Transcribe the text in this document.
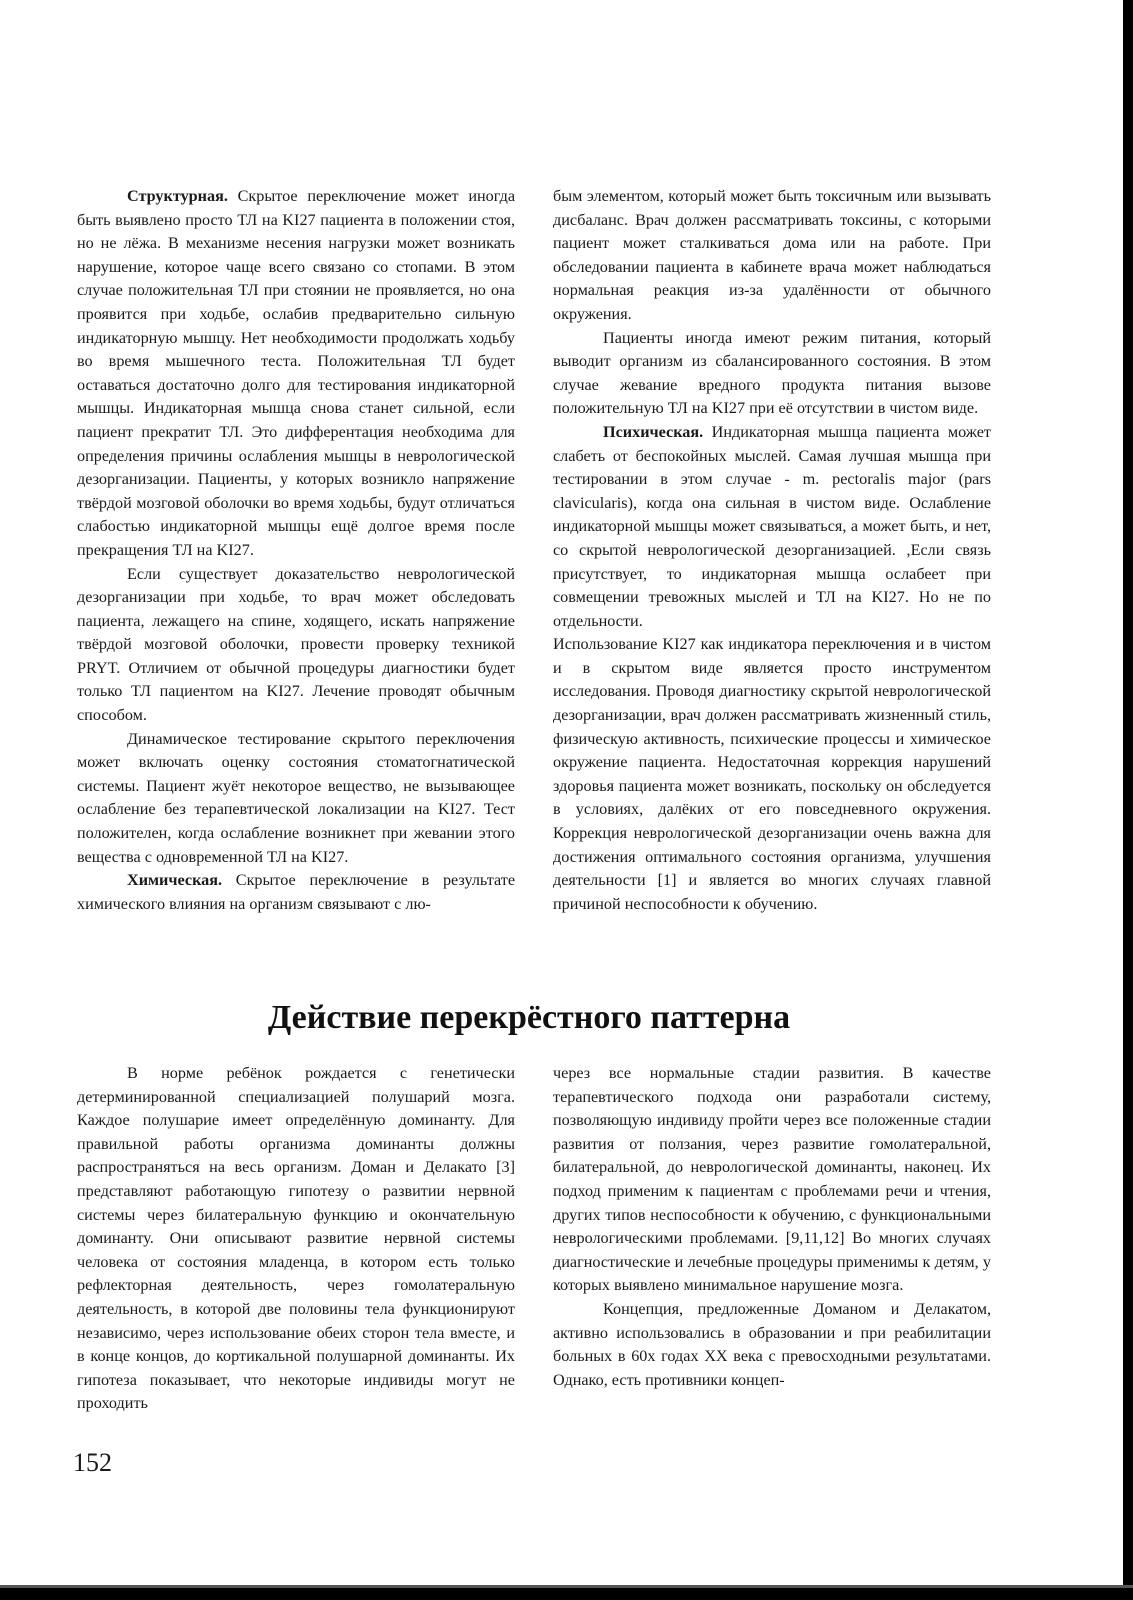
Структурная. Скрытое переключение может иногда быть выявлено просто ТЛ на KI27 пациента в положении стоя, но не лёжа. В механизме несения нагрузки может возникать нарушение, которое чаще всего связано со стопами. В этом случае положительная ТЛ при стоянии не проявляется, но она проявится при ходьбе, ослабив предварительно сильную индикаторную мышцу. Нет необходимости продолжать ходьбу во время мышечного теста. Положительная ТЛ будет оставаться достаточно долго для тестирования индикаторной мышцы. Индикаторная мышца снова станет сильной, если пациент прекратит ТЛ. Это дифферентация необходима для определения причины ослабления мышцы в неврологической дезорганизации. Пациенты, у которых возникло напряжение твёрдой мозговой оболочки во время ходьбы, будут отличаться слабостью индикаторной мышцы ещё долгое время после прекращения ТЛ на KI27.

Если существует доказательство неврологической дезорганизации при ходьбе, то врач может обследовать пациента, лежащего на спине, ходящего, искать напряжение твёрдой мозговой оболочки, провести проверку техникой PRYT. Отличием от обычной процедуры диагностики будет только ТЛ пациентом на KI27. Лечение проводят обычным способом.

Динамическое тестирование скрытого переключения может включать оценку состояния стоматогнатической системы. Пациент жуёт некоторое вещество, не вызывающее ослабление без терапевтической локализации на KI27. Тест положителен, когда ослабление возникнет при жевании этого вещества с одновременной ТЛ на KI27.

Химическая. Скрытое переключение в результате химического влияния на организм связывают с лю-

бым элементом, который может быть токсичным или вызывать дисбаланс. Врач должен рассматривать токсины, с которыми пациент может сталкиваться дома или на работе. При обследовании пациента в кабинете врача может наблюдаться нормальная реакция из-за удалённости от обычного окружения.

Пациенты иногда имеют режим питания, который выводит организм из сбалансированного состояния. В этом случае жевание вредного продукта питания вызове положительную ТЛ на KI27 при её отсутствии в чистом виде.

Психическая. Индикаторная мышца пациента может слабеть от беспокойных мыслей. Самая лучшая мышца при тестировании в этом случае - m. pectoralis major (pars clavicularis), когда она сильная в чистом виде. Ослабление индикаторной мышцы может связываться, а может быть, и нет, со скрытой неврологической дезорганизацией. ,Если связь присутствует, то индикаторная мышца ослабеет при совмещении тревожных мыслей и ТЛ на KI27. Но не по отдельности.

Использование KI27 как индикатора переключения и в чистом и в скрытом виде является просто инструментом исследования. Проводя диагностику скрытой неврологической дезорганизации, врач должен рассматривать жизненный стиль, физическую активность, психические процессы и химическое окружение пациента. Недостаточная коррекция нарушений здоровья пациента может возникать, поскольку он обследуется в условиях, далёких от его повседневного окружения. Коррекция неврологической дезорганизации очень важна для достижения оптимального состояния организма, улучшения деятельности [1] и является во многих случаях главной причиной неспособности к обучению.

Действие перекрёстного паттерна

В норме ребёнок рождается с генетически детерминированной специализацией полушарий мозга. Каждое полушарие имеет определённую доминанту. Для правильной работы организма доминанты должны распространяться на весь организм. Доман и Делакато [3] представляют работающую гипотезу о развитии нервной системы через билатеральную функцию и окончательную доминанту. Они описывают развитие нервной системы человека от состояния младенца, в котором есть только рефлекторная деятельность, через гомолатеральную деятельность, в которой две половины тела функционируют независимо, через использование обеих сторон тела вместе, и в конце концов, до кортикальной полушарной доминанты. Их гипотеза показывает, что некоторые индивиды могут не проходить

через все нормальные стадии развития. В качестве терапевтического подхода они разработали систему, позволяющую индивиду пройти через все положенные стадии развития от ползания, через развитие гомолатеральной, билатеральной, до неврологической доминанты, наконец. Их подход применим к пациентам с проблемами речи и чтения, других типов неспособности к обучению, с функциональными неврологическими проблемами. [9,11,12] Во многих случаях диагностические и лечебные процедуры применимы к детям, у которых выявлено минимальное нарушение мозга.

Концепция, предложенные Доманом и Делакатом, активно использовались в образовании и при реабилитации больных в 60х годах XX века с превосходными результатами. Однако, есть противники концеп-

152
